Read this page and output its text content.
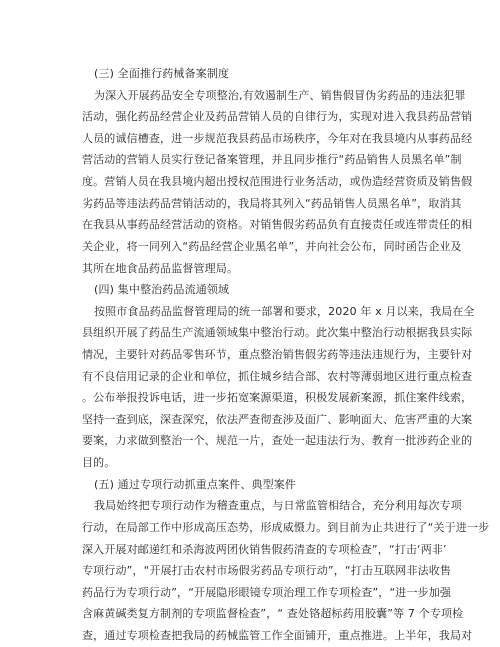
(三) 全面推行药械备案制度
为深入开展药品安全专项整治,有效遏制生产、销售假冒伪劣药品的违法犯罪
活动，强化药品经营企业及药品营销人员的自律行为，实现对进入我县药品营销
人员的诚信槽查，进一步规范我县药品市场秩序，今年对在我县境内从事药品经
营活动的营销人员实行登记备案管理，并且同步推行“药品销售人员黑名单”制
度。营销人员在我县境内超出授权范围进行业务活动，或伪造经营资质及销售假
劣药品等违法药品营销活动的，我局将其列入“药品销售人员黑名单”，取消其
在我县从事药品经营活动的资格。对销售假劣药品负有直接责任或连带责任的相
关企业，将一同列入“药品经营企业黑名单”，并向社会公布，同时函告企业及
其所在地食品药品监督管理局。
(四) 集中整治药品流通领域
按照市食品药品监督管理局的统一部署和要求，2020 年 x 月以来，我局在全
县组织开展了药品生产流通领域集中整治行动。此次集中整治行动根据我县实际
情况，主要针对药品零售环节，重点整治销售假劣药等违法违规行为，主要针对
有不良信用记录的企业和单位，抓住城乡结合部、农村等薄弱地区进行重点检查
。公布举报投诉电话，进一步拓宽案源渠道，积极发展新案源，抓住案件线索，
坚持一查到底，深查深究，依法严查彻查涉及面广、影响面大、危害严重的大案
要案，力求做到整治一个、规范一片，查处一起违法行为、教育一批涉药企业的
目的。
(五) 通过专项行动抓重点案件、典型案件
我局始终把专项行动作为稽查重点，与日常监管相结合，充分利用每次专项
行动，在局部工作中形成高压态势，形成威慑力。到目前为止共进行了“关于进一步
深入开展对邮递红和杀海波两团伙销售假药清查的专项检查”，“打击‘两非’
专项行动”，“开展打击农村市场假劣药品专项行动”，“打击互联网非法收售
药品行为专项行动”，“开展隐形眼镜专项治理工作专项检查”，“进一步加强
含麻黄碱类复方制剂的专项监督检查”，“ 查处铬超标药用胶囊”等 7 个专项检
查，通过专项检查把我局的药械监管工作全面铺开，重点推进。上半年，我局对
